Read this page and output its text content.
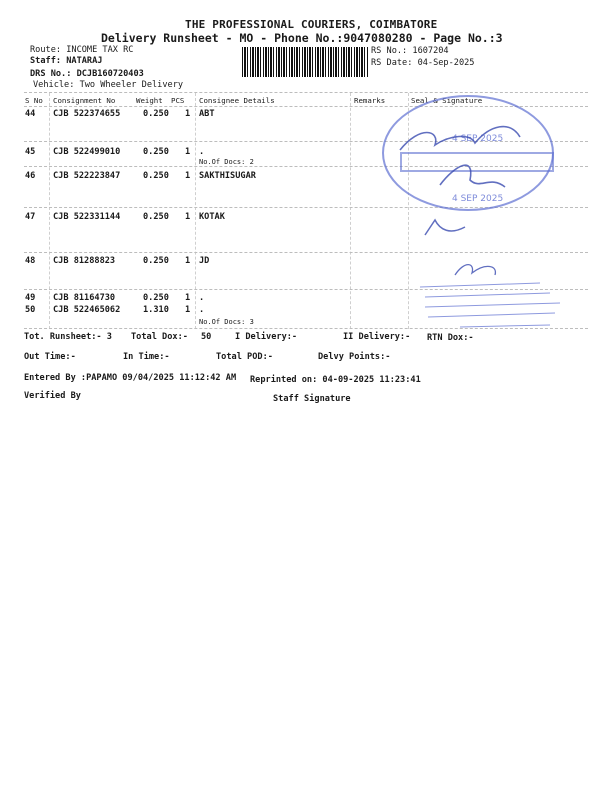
THE PROFESSIONAL COURIERS, COIMBATORE
Delivery Runsheet - MO - Phone No.:9047080280 - Page No.:3
Route: INCOME TAX RC
Staff: NATARAJ
DRS No.: DCJB160720403
Vehicle: Two Wheeler Delivery
RS No.: 1607204
RS Date: 04-Sep-2025
S No Consignment No	Weight PCS Consignee Details	Remarks	Seal & Signature
44 CJB 522374655	0.250 1 ABT
45 CJB 522499010	0.250 1 .
No.Of Docs: 2
46 CJB 522223847	0.250 1 SAKTHISUGAR
47 CJB 522331144	0.250 1 KOTAK
48 CJB 81288823	0.250 1 JD
49 CJB 81164730	0.250 1 .
50 CJB 522465062	1.310 1 .
No.Of Docs: 3
Tot. Runsheet:- 3 Total Dox:- 50	I Delivery:-	II Delivery:- RTN Dox:-
Out Time:-	In Time:-	Total POD:-	Delvy Points:-
Entered By :PAPAMO 09/04/2025 11:12:42 AM Reprinted on: 04-09-2025 11:23:41
Verified By	Staff Signature
4 SEP 2025
4 SEP 2025
